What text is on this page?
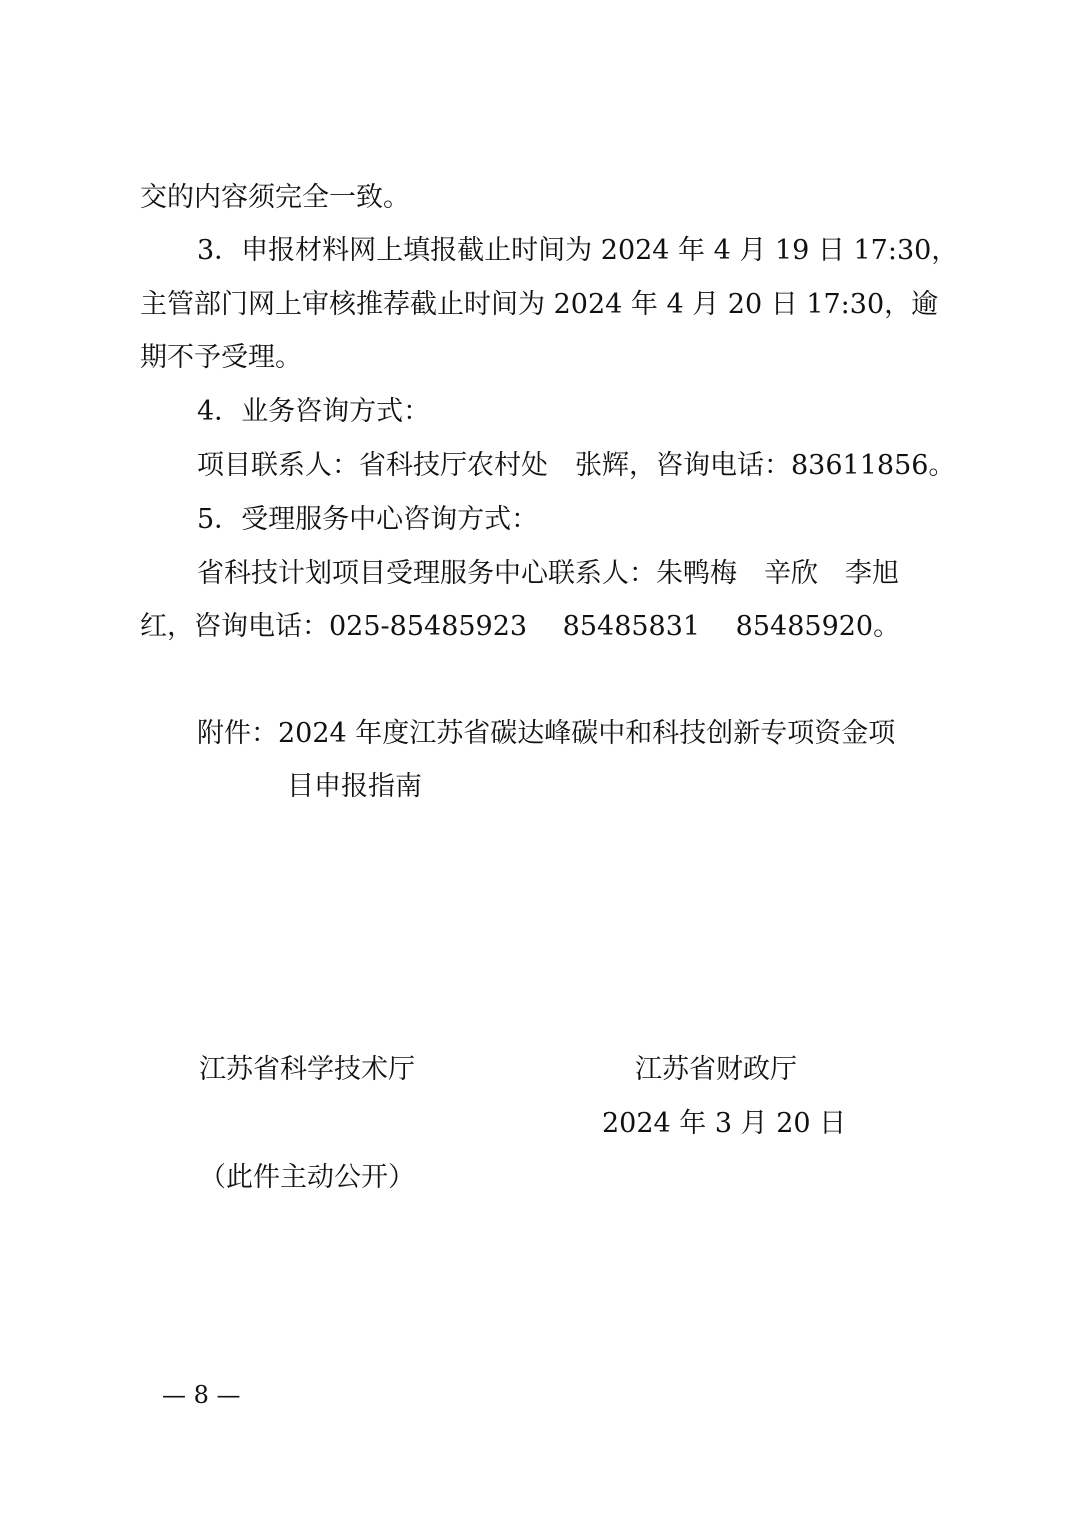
交的内容须完全一致。
3．申报材料网上填报截止时间为 2024 年 4 月 19 日 17:30，
主管部门网上审核推荐截止时间为 2024 年 4 月 20 日 17:30，逾
期不予受理。
4．业务咨询方式：
项目联系人：省科技厅农村处　张辉，咨询电话：83611856。
5．受理服务中心咨询方式：
省科技计划项目受理服务中心联系人：朱鸭梅　辛欣　李旭
红，咨询电话：025-85485923　 85485831　 85485920。
附件：2024 年度江苏省碳达峰碳中和科技创新专项资金项
目申报指南
江苏省科学技术厅	江苏省财政厅
2024 年 3 月 20 日
（此件主动公开）
— 8 —
